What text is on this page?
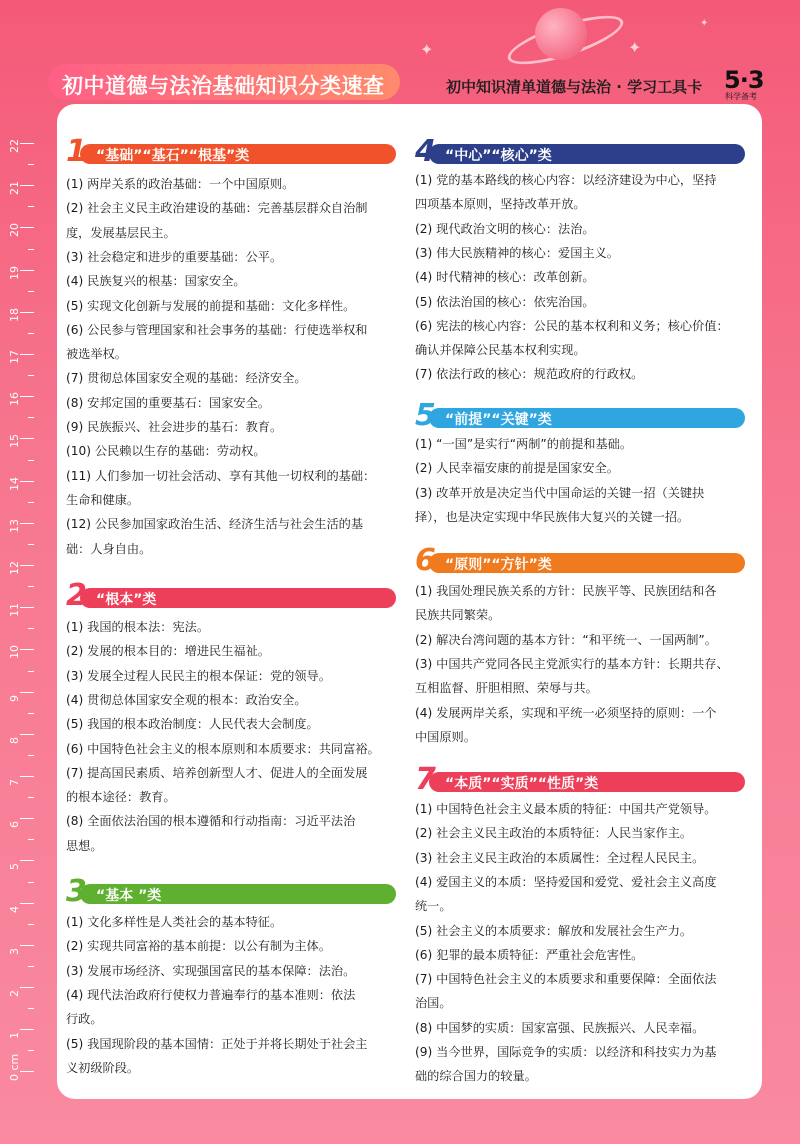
✦	✦
✦
初中道德与法治基础知识分类速查	初中知识清单道德与法治 · 学习工具卡 5·3
科学备考
22
21
20
19
18
17
16
15
14
13
12
11
10
9
8
7
6
5
4
3
2
1
0 cm
1 “基础”“基石”“根基”类
2 “根本”类
3 “基本 ”类
4 “中心”“核心”类
5 “前提”“关键”类
6 “原则”“方针”类
7 “本质”“实质”“性质”类
(1) 两岸关系的政治基础：一个中国原则。
(2) 社会主义民主政治建设的基础：完善基层群众自治制
度，发展基层民主。
(3) 社会稳定和进步的重要基础：公平。
(4) 民族复兴的根基：国家安全。
(5) 实现文化创新与发展的前提和基础：文化多样性。
(6) 公民参与管理国家和社会事务的基础：行使选举权和
被选举权。
(7) 贯彻总体国家安全观的基础：经济安全。
(8) 安邦定国的重要基石：国家安全。
(9) 民族振兴、社会进步的基石：教育。
(10) 公民赖以生存的基础：劳动权。
(11) 人们参加一切社会活动、享有其他一切权利的基础：
生命和健康。
(12) 公民参加国家政治生活、经济生活与社会生活的基
础：人身自由。
(1) 我国的根本法：宪法。
(2) 发展的根本目的：增进民生福祉。
(3) 发展全过程人民民主的根本保证：党的领导。
(4) 贯彻总体国家安全观的根本：政治安全。
(5) 我国的根本政治制度：人民代表大会制度。
(6) 中国特色社会主义的根本原则和本质要求：共同富裕。
(7) 提高国民素质、培养创新型人才、促进人的全面发展
的根本途径：教育。
(8) 全面依法治国的根本遵循和行动指南：习近平法治
思想。
(1) 文化多样性是人类社会的基本特征。
(2) 实现共同富裕的基本前提：以公有制为主体。
(3) 发展市场经济、实现强国富民的基本保障：法治。
(4) 现代法治政府行使权力普遍奉行的基本准则：依法
行政。
(5) 我国现阶段的基本国情：正处于并将长期处于社会主
义初级阶段。
(1) 党的基本路线的核心内容：以经济建设为中心，坚持
四项基本原则，坚持改革开放。
(2) 现代政治文明的核心：法治。
(3) 伟大民族精神的核心：爱国主义。
(4) 时代精神的核心：改革创新。
(5) 依法治国的核心：依宪治国。
(6) 宪法的核心内容：公民的基本权利和义务；核心价值：
确认并保障公民基本权利实现。
(7) 依法行政的核心：规范政府的行政权。
(1) “一国”是实行“两制”的前提和基础。
(2) 人民幸福安康的前提是国家安全。
(3) 改革开放是决定当代中国命运的关键一招（关键抉
择），也是决定实现中华民族伟大复兴的关键一招。
(1) 我国处理民族关系的方针：民族平等、民族团结和各
民族共同繁荣。
(2) 解决台湾问题的基本方针：“和平统一、一国两制”。
(3) 中国共产党同各民主党派实行的基本方针：长期共存、
互相监督、肝胆相照、荣辱与共。
(4) 发展两岸关系，实现和平统一必须坚持的原则：一个
中国原则。
(1) 中国特色社会主义最本质的特征：中国共产党领导。
(2) 社会主义民主政治的本质特征：人民当家作主。
(3) 社会主义民主政治的本质属性：全过程人民民主。
(4) 爱国主义的本质：坚持爱国和爱党、爱社会主义高度
统一。
(5) 社会主义的本质要求：解放和发展社会生产力。
(6) 犯罪的最本质特征：严重社会危害性。
(7) 中国特色社会主义的本质要求和重要保障：全面依法
治国。
(8) 中国梦的实质：国家富强、民族振兴、人民幸福。
(9) 当今世界，国际竞争的实质：以经济和科技实力为基
础的综合国力的较量。
